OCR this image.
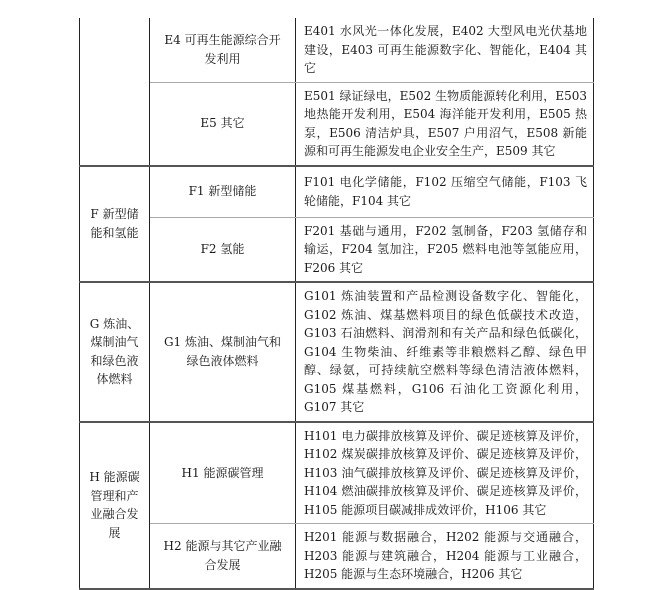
	E4 可再生能源综合开发利用	E401 水风光一体化发展，E402 大型风电光伏基地建设，E403 可再生能源数字化、智能化，E404 其它
	E5 其它	E501 绿证绿电，E502 生物质能源转化利用，E503 地热能开发利用，E504 海洋能开发利用，E505 热泵，E506 清洁炉具，E507 户用沼气，E508 新能源和可再生能源发电企业安全生产，E509 其它
F 新型储能和氢能	F1 新型储能	F101 电化学储能，F102 压缩空气储能，F103 飞轮储能，F104 其它
	F2 氢能	F201 基础与通用，F202 氢制备，F203 氢储存和输运，F204 氢加注，F205 燃料电池等氢能应用，F206 其它
G 炼油、煤制油气和绿色液体燃料	G1 炼油、煤制油气和绿色液体燃料	G101 炼油装置和产品检测设备数字化、智能化，G102 炼油、煤基燃料项目的绿色低碳技术改造，G103 石油燃料、润滑剂和有关产品和绿色低碳化，G104 生物柴油、纤维素等非粮燃料乙醇、绿色甲醇、绿氨，可持续航空燃料等绿色清洁液体燃料，G105 煤基燃料，G106 石油化工资源化利用，G107 其它
H 能源碳管理和产业融合发展	H1 能源碳管理	H101 电力碳排放核算及评价、碳足迹核算及评价，H102 煤炭碳排放核算及评价、碳足迹核算及评价，H103 油气碳排放核算及评价、碳足迹核算及评价，H104 燃油碳排放核算及评价、碳足迹核算及评价，H105 能源项目碳减排成效评价，H106 其它
	H2 能源与其它产业融合发展	H201 能源与数据融合，H202 能源与交通融合，H203 能源与建筑融合，H204 能源与工业融合，H205 能源与生态环境融合，H206 其它
